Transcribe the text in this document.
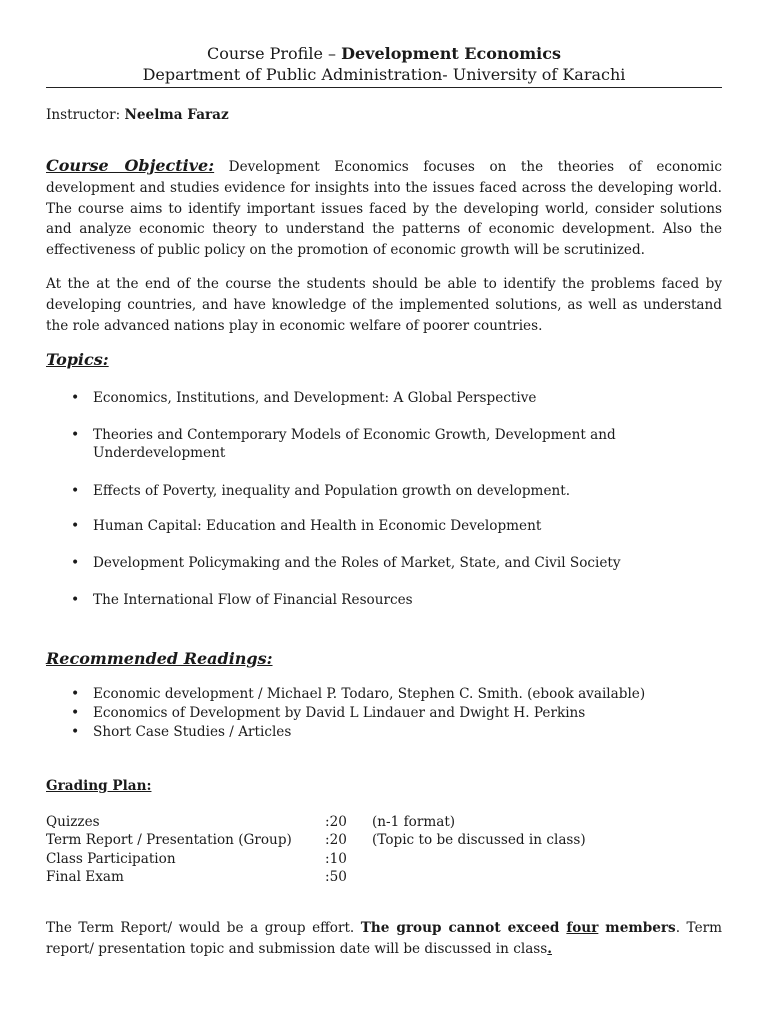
Course Profile – Development Economics
Department of Public Administration- University of Karachi
Instructor: Neelma Faraz
Course Objective: Development Economics focuses on the theories of economic development and studies evidence for insights into the issues faced across the developing world. The course aims to identify important issues faced by the developing world, consider solutions and analyze economic theory to understand the patterns of economic development. Also the effectiveness of public policy on the promotion of economic growth will be scrutinized.
At the at the end of the course the students should be able to identify the problems faced by developing countries, and have knowledge of the implemented solutions, as well as understand the role advanced nations play in economic welfare of poorer countries.
Topics:
• Economics, Institutions, and Development: A Global Perspective
• Theories and Contemporary Models of Economic Growth, Development and Underdevelopment
• Effects of Poverty, inequality and Population growth on development.
• Human Capital: Education and Health in Economic Development
• Development Policymaking and the Roles of Market, State, and Civil Society
• The International Flow of Financial Resources
Recommended Readings:
• Economic development / Michael P. Todaro, Stephen C. Smith. (ebook available)
• Economics of Development by David L Lindauer and Dwight H. Perkins
• Short Case Studies / Articles
Grading Plan:
Quizzes	:20	(n-1 format)
Term Report / Presentation (Group)	:20	(Topic to be discussed in class)
Class Participation	:10	
Final Exam	:50	
The Term Report/ would be a group effort. The group cannot exceed four members. Term report/ presentation topic and submission date will be discussed in class.
